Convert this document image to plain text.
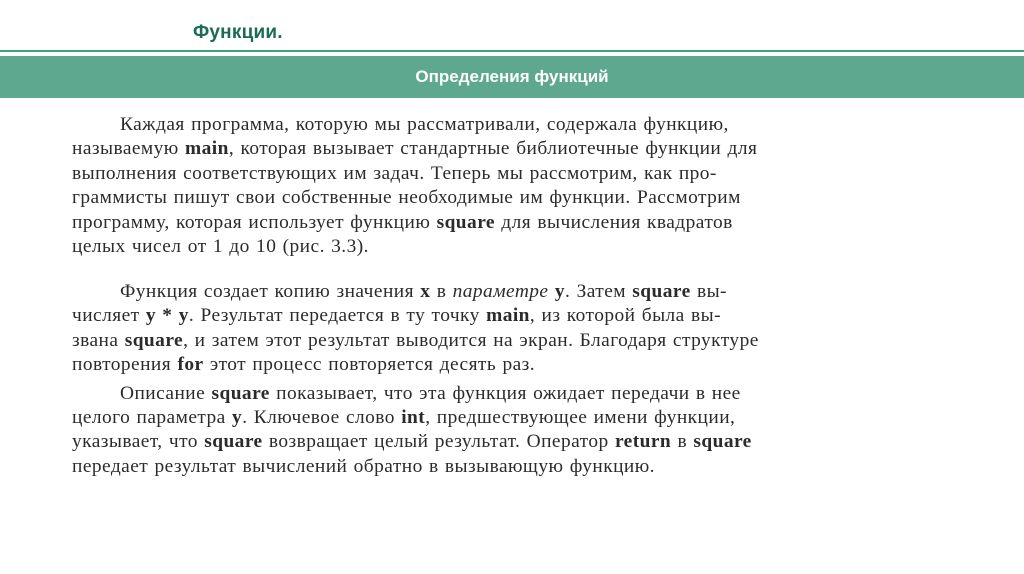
Функции.
Определения функций
Каждая программа, которую мы рассматривали, содержала функцию,
называемую main, которая вызывает стандартные библиотечные функции для
выполнения соответствующих им задач. Теперь мы рассмотрим, как про-
граммисты пишут свои собственные необходимые им функции. Рассмотрим
программу, которая использует функцию square для вычисления квадратов
целых чисел от 1 до 10 (рис. 3.3).
Функция создает копию значения x в параметре y. Затем square вы-
числяет y * y. Результат передается в ту точку main, из которой была вы-
звана square, и затем этот результат выводится на экран. Благодаря структуре
повторения for этот процесс повторяется десять раз.
Описание square показывает, что эта функция ожидает передачи в нее
целого параметра y. Ключевое слово int, предшествующее имени функции,
указывает, что square возвращает целый результат. Оператор return в square
передает результат вычислений обратно в вызывающую функцию.
